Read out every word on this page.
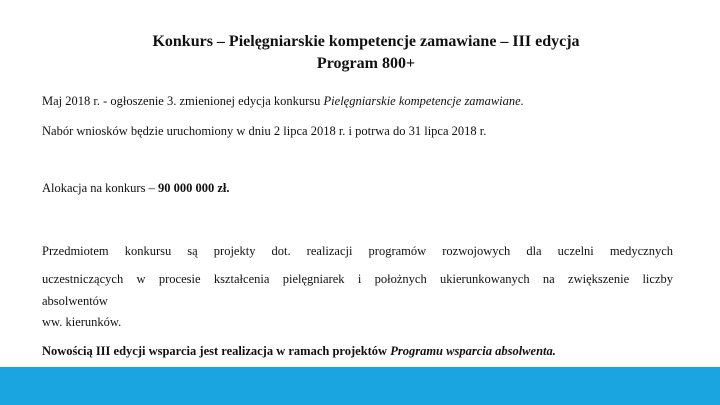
Konkurs – Pielęgniarskie kompetencje zamawiane – III edycja
Program 800+

Maj 2018 r. - ogłoszenie 3. zmienionej edycja konkursu Pielęgniarskie kompetencje zamawiane.

Nabór wniosków będzie uruchomiony w dniu 2 lipca 2018 r. i potrwa do 31 lipca 2018 r.

Alokacja na konkurs – 90 000 000 zł.

Przedmiotem konkursu są projekty dot. realizacji programów rozwojowych dla uczelni medycznych
uczestniczących w procesie kształcenia pielęgniarek i położnych ukierunkowanych na zwiększenie liczby
absolwentów
ww. kierunków.

Nowością III edycji wsparcia jest realizacja w ramach projektów Programu wsparcia absolwenta.
